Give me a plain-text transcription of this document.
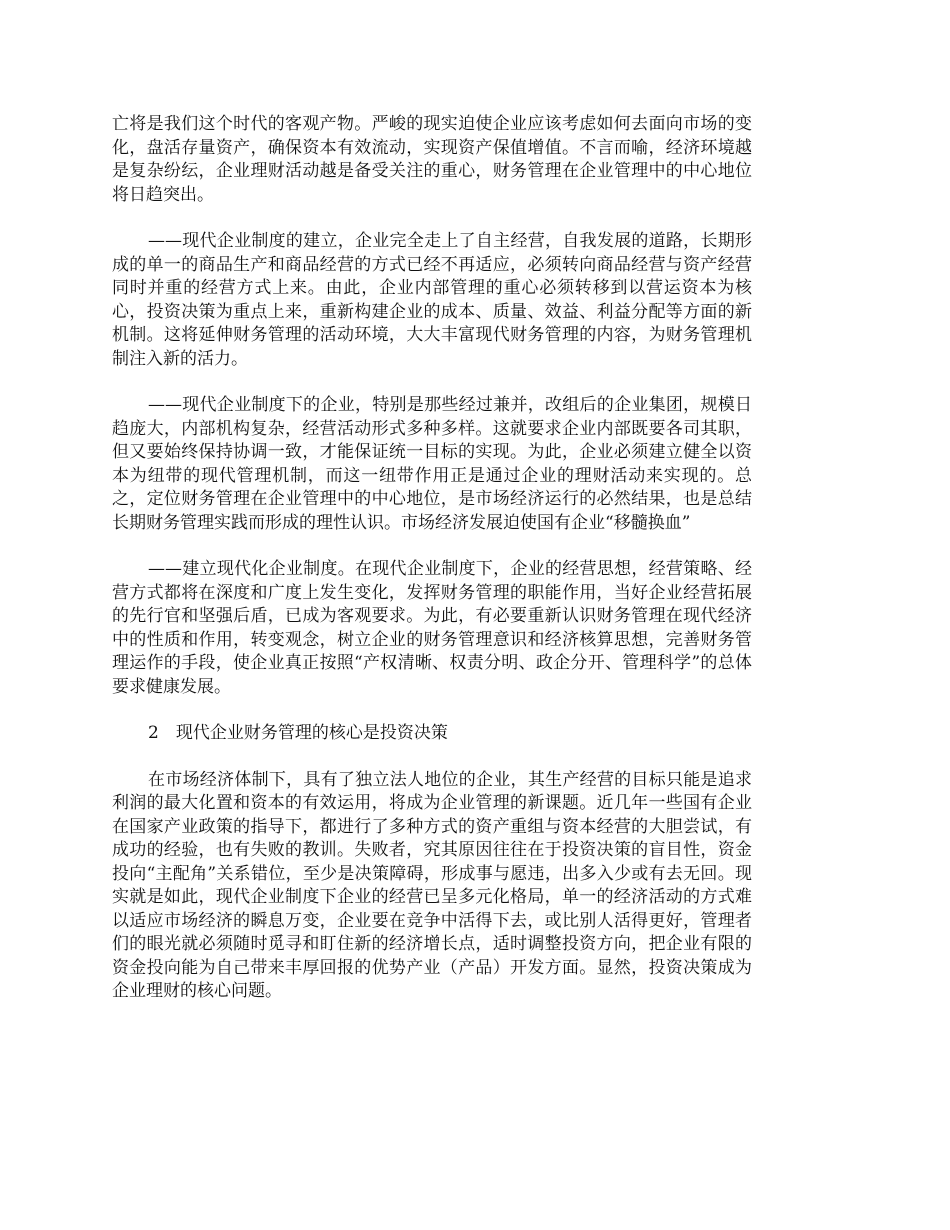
亡将是我们这个时代的客观产物。严峻的现实迫使企业应该考虑如何去面向市场的变化，盘活存量资产，确保资本有效流动，实现资产保值增值。不言而喻，经济环境越是复杂纷纭，企业理财活动越是备受关注的重心，财务管理在企业管理中的中心地位将日趋突出。

——现代企业制度的建立，企业完全走上了自主经营，自我发展的道路，长期形成的单一的商品生产和商品经营的方式已经不再适应，必须转向商品经营与资产经营同时并重的经营方式上来。由此，企业内部管理的重心必须转移到以营运资本为核心，投资决策为重点上来，重新构建企业的成本、质量、效益、利益分配等方面的新机制。这将延伸财务管理的活动环境，大大丰富现代财务管理的内容，为财务管理机制注入新的活力。

——现代企业制度下的企业，特别是那些经过兼并，改组后的企业集团，规模日趋庞大，内部机构复杂，经营活动形式多种多样。这就要求企业内部既要各司其职，但又要始终保持协调一致，才能保证统一目标的实现。为此，企业必须建立健全以资本为纽带的现代管理机制，而这一纽带作用正是通过企业的理财活动来实现的。总之，定位财务管理在企业管理中的中心地位，是市场经济运行的必然结果，也是总结长期财务管理实践而形成的理性认识。市场经济发展迫使国有企业“移髓换血”

——建立现代化企业制度。在现代企业制度下，企业的经营思想，经营策略、经营方式都将在深度和广度上发生变化，发挥财务管理的职能作用，当好企业经营拓展的先行官和坚强后盾，已成为客观要求。为此，有必要重新认识财务管理在现代经济中的性质和作用，转变观念，树立企业的财务管理意识和经济核算思想，完善财务管理运作的手段，使企业真正按照“产权清晰、权责分明、政企分开、管理科学”的总体要求健康发展。

2　现代企业财务管理的核心是投资决策

在市场经济体制下，具有了独立法人地位的企业，其生产经营的目标只能是追求利润的最大化置和资本的有效运用，将成为企业管理的新课题。近几年一些国有企业在国家产业政策的指导下，都进行了多种方式的资产重组与资本经营的大胆尝试，有成功的经验，也有失败的教训。失败者，究其原因往往在于投资决策的盲目性，资金投向“主配角”关系错位，至少是决策障碍，形成事与愿违，出多入少或有去无回。现实就是如此，现代企业制度下企业的经营已呈多元化格局，单一的经济活动的方式难以适应市场经济的瞬息万变，企业要在竞争中活得下去，或比别人活得更好，管理者们的眼光就必须随时觅寻和盯住新的经济增长点，适时调整投资方向，把企业有限的资金投向能为自己带来丰厚回报的优势产业（产品）开发方面。显然，投资决策成为企业理财的核心问题。
